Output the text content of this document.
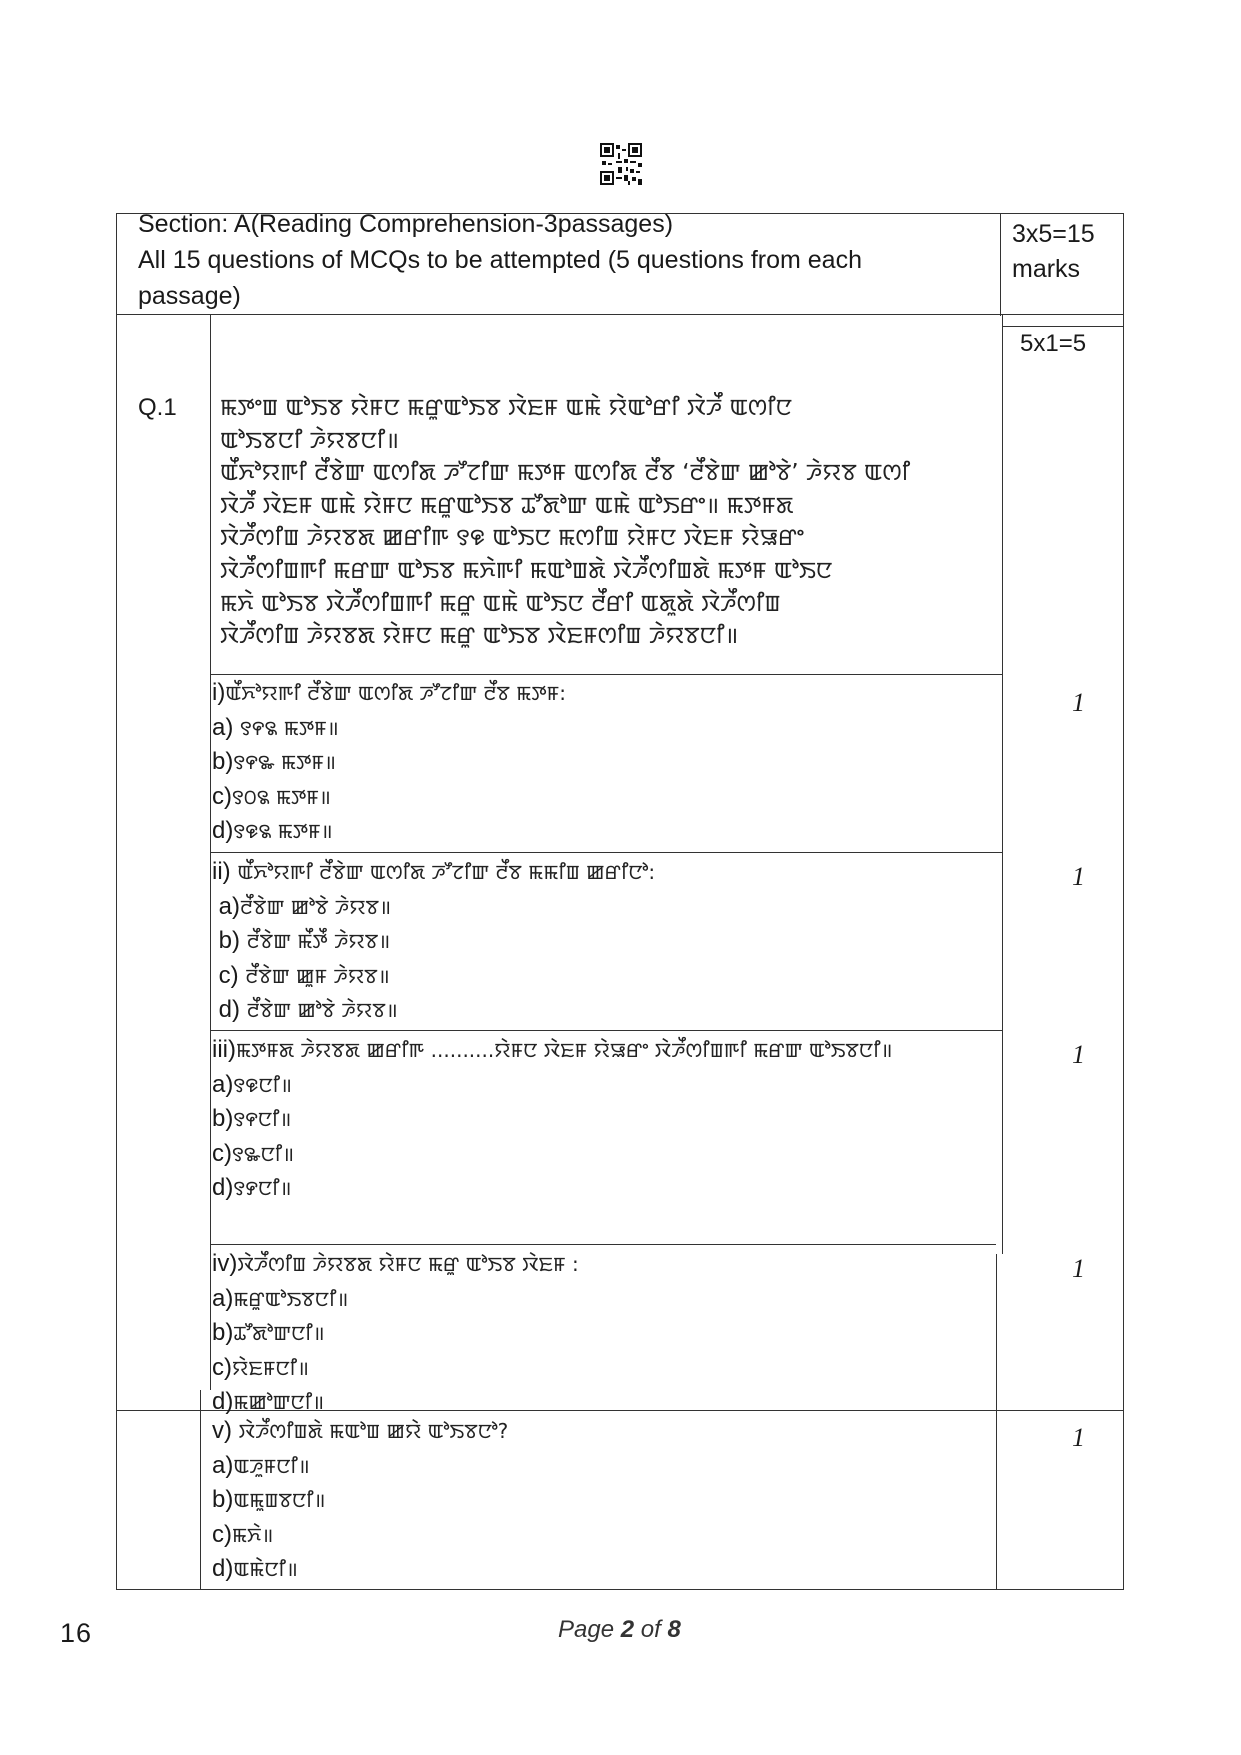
Section: A(Reading Comprehension-3passages)
All 15 questions of MCQs to be attempted (5 questions from each
passage)
3x5=15
marks
Q.1
5x1=5
ꯃꯇꯦꯡ ꯑꯣꯏꯕ ꯌꯥꯝꯅ ꯃꯔꯨꯑꯣꯏꯕ ꯋꯥꯐꯝ ꯑꯃꯥ ꯌꯥꯑꯣꯔꯤ ꯋꯥꯍꯩ ꯑꯁꯤꯅ
ꯑꯣꯏꯕꯅꯤ ꯍꯥꯌꯕꯅꯤ॥
ꯑꯩꯈꯣꯌꯒꯤ ꯂꯩꯕꯥꯛ ꯑꯁꯤꯗ ꯍꯧꯖꯤꯛ ꯃꯇꯝ ꯑꯁꯤꯗ ꯂꯩꯕ ‘ꯂꯩꯕꯥꯛ ꯀꯣꯕꯥ’ ꯍꯥꯌꯕ ꯑꯁꯤ
ꯋꯥꯍꯩ ꯋꯥꯐꯝ ꯑꯃꯥ ꯌꯥꯝꯅ ꯃꯔꯨꯑꯣꯏꯕ ꯊꯧꯗꯣꯛ ꯑꯃꯥ ꯑꯣꯏꯔꯦ॥ ꯃꯇꯝꯗ
ꯋꯥꯍꯩꯁꯤꯡ ꯍꯥꯌꯕꯗ ꯀꯔꯤꯒ ꯱꯶ ꯑꯣꯏꯅ ꯃꯁꯤꯡ ꯌꯥꯝꯅ ꯋꯥꯐꯝ ꯌꯥꯎꯔꯦ
ꯋꯥꯍꯩꯁꯤꯡꯒꯤ ꯃꯔꯛ ꯑꯣꯏꯕ ꯃꯈꯥꯒꯤ ꯃꯑꯣꯡꯗꯥ ꯋꯥꯍꯩꯁꯤꯡꯗꯥ ꯃꯇꯝ ꯑꯣꯏꯅ
ꯃꯈꯥ ꯑꯣꯏꯕ ꯋꯥꯍꯩꯁꯤꯡꯒꯤ ꯃꯔꯨ ꯑꯃꯥ ꯑꯣꯏꯅ ꯂꯩꯔꯤ ꯑꯗꯨꯗꯥ ꯋꯥꯍꯩꯁꯤꯡ
ꯋꯥꯍꯩꯁꯤꯡ ꯍꯥꯌꯕꯗ ꯌꯥꯝꯅ ꯃꯔꯨ ꯑꯣꯏꯕ ꯋꯥꯐꯝꯁꯤꯡ ꯍꯥꯌꯕꯅꯤ॥
i)ꯑꯩꯈꯣꯌꯒꯤ ꯂꯩꯕꯥꯛ ꯑꯁꯤꯗ ꯍꯧꯖꯤꯛ ꯂꯩꯕ ꯃꯇꯝ:
a) ꯱꯵꯲ ꯃꯇꯝ॥
b)꯱꯵꯳ ꯃꯇꯝ॥
c)꯱꯰꯲ ꯃꯇꯝ॥
d)꯱꯶꯲ ꯃꯇꯝ॥
1
ii) ꯑꯩꯈꯣꯌꯒꯤ ꯂꯩꯕꯥꯛ ꯑꯁꯤꯗ ꯍꯧꯖꯤꯛ ꯂꯩꯕ ꯃꯃꯤꯡ ꯀꯔꯤꯅꯣ:
a)ꯂꯩꯕꯥꯛ ꯀꯣꯕꯥ ꯍꯥꯌꯕ॥
b) ꯂꯩꯕꯥꯛ ꯃꯩꯇꯩ ꯍꯥꯌꯕ॥
c) ꯂꯩꯕꯥꯛ ꯀꯨꯝ ꯍꯥꯌꯕ॥
d) ꯂꯩꯕꯥꯛ ꯀꯣꯕꯥ ꯍꯥꯌꯕ॥
1
iii)ꯃꯇꯝꯗ ꯍꯥꯌꯕꯗ ꯀꯔꯤꯒ ..........ꯌꯥꯝꯅ ꯋꯥꯐꯝ ꯌꯥꯎꯔꯦ ꯋꯥꯍꯩꯁꯤꯡꯒꯤ ꯃꯔꯛ ꯑꯣꯏꯕꯅꯤ॥
a)꯱꯶ꯅꯤ॥
b)꯱꯵ꯅꯤ॥
c)꯱꯳ꯅꯤ॥
d)꯱꯸ꯅꯤ॥
1
iv)ꯋꯥꯍꯩꯁꯤꯡ ꯍꯥꯌꯕꯗ ꯌꯥꯝꯅ ꯃꯔꯨ ꯑꯣꯏꯕ ꯋꯥꯐꯝ :
a)ꯃꯔꯨꯑꯣꯏꯕꯅꯤ॥
b)ꯊꯧꯗꯣꯛꯅꯤ॥
c)ꯌꯥꯐꯝꯅꯤ॥
d)ꯃꯀꯣꯛꯅꯤ॥
1
v) ꯋꯥꯍꯩꯁꯤꯡꯗꯥ ꯃꯑꯣꯡ ꯀꯌꯥ ꯑꯣꯏꯕꯅꯣ?
a)ꯑꯍꯨꯝꯅꯤ॥
b)ꯑꯃꯨꯡꯕꯅꯤ॥
c)ꯃꯈꯥ॥
d)ꯑꯃꯥꯅꯤ॥
1
16	Page 2 of 8
